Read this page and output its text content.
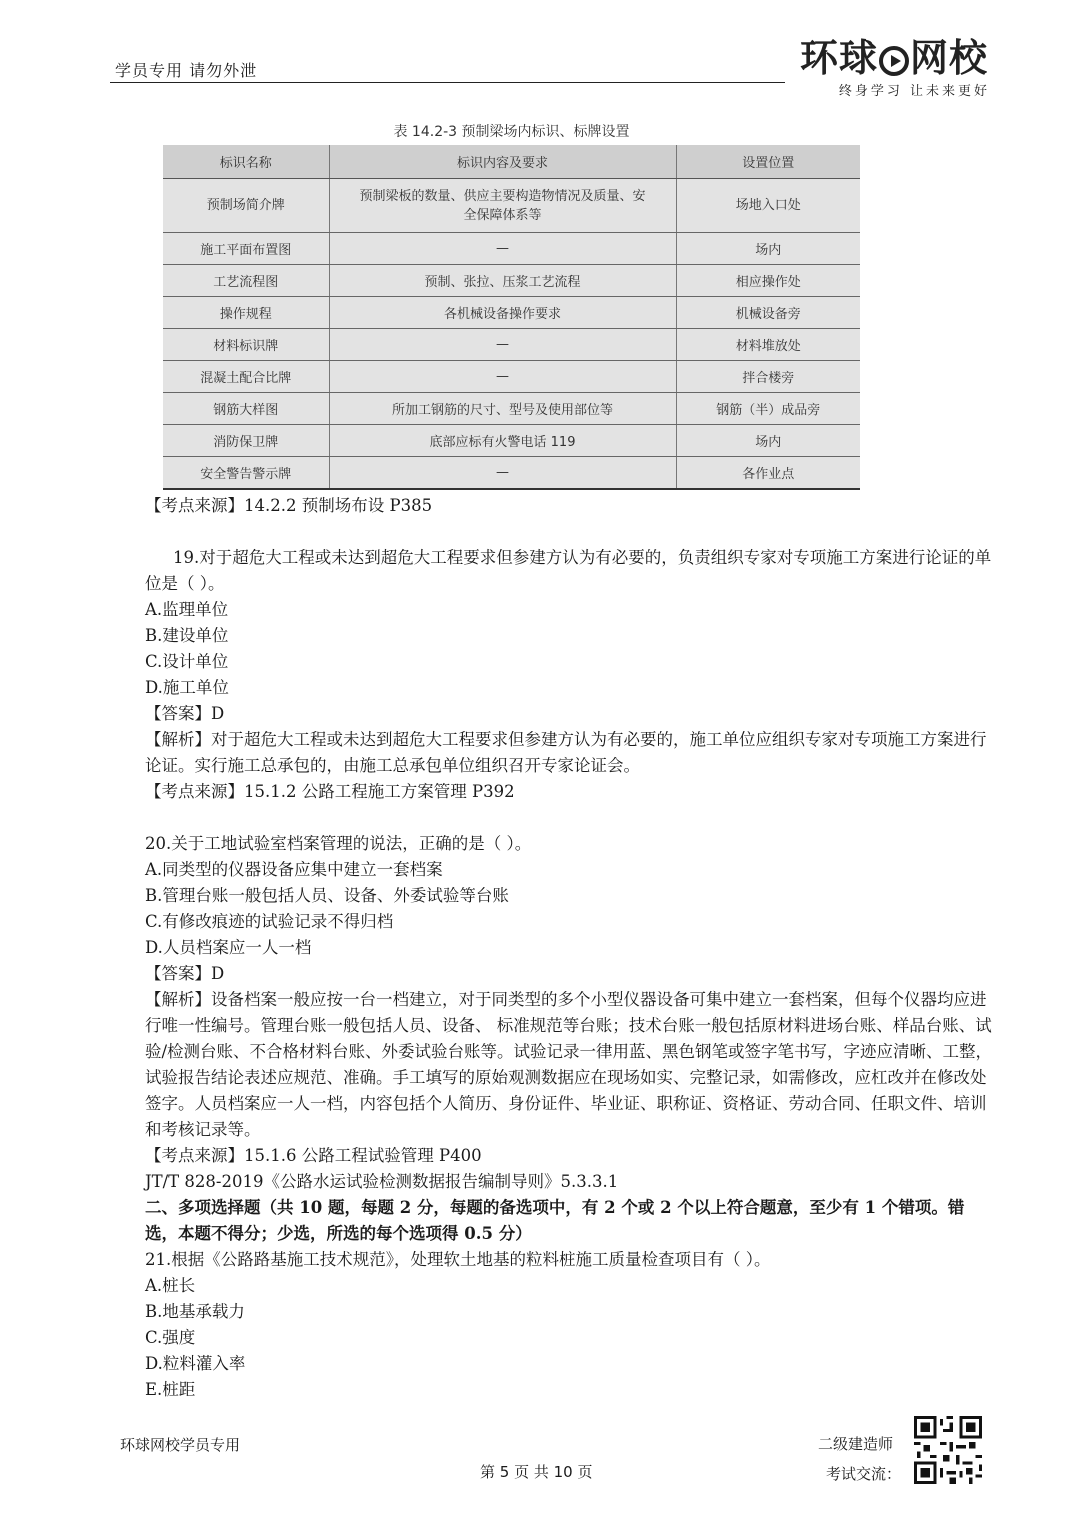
学员专用 请勿外泄	环球 网校
终身学习 让未来更好
表 14.2-3 预制梁场内标识、标牌设置
标识名称	标识内容及要求	设置位置
预制场简介牌	预制梁板的数量、供应主要构造物情况及质量、安全保障体系等	场地入口处
施工平面布置图	—	场内
工艺流程图	预制、张拉、压浆工艺流程	相应操作处
操作规程	各机械设备操作要求	机械设备旁
材料标识牌	—	材料堆放处
混凝土配合比牌	—	拌合楼旁
钢筋大样图	所加工钢筋的尺寸、型号及使用部位等	钢筋（半）成品旁
消防保卫牌	底部应标有火警电话 119	场内
安全警告警示牌	—	各作业点

【考点来源】14.2.2 预制场布设 P385

19.对于超危大工程或未达到超危大工程要求但参建方认为有必要的，负责组织专家对专项施工方案进行论证的单位是（ ）。

A.监理单位

B.建设单位

C.设计单位

D.施工单位

【答案】D

【解析】对于超危大工程或未达到超危大工程要求但参建方认为有必要的，施工单位应组织专家对专项施工方案进行论证。实行施工总承包的，由施工总承包单位组织召开专家论证会。

【考点来源】15.1.2 公路工程施工方案管理 P392

20.关于工地试验室档案管理的说法，正确的是（ ）。

A.同类型的仪器设备应集中建立一套档案

B.管理台账一般包括人员、设备、外委试验等台账

C.有修改痕迹的试验记录不得归档

D.人员档案应一人一档

【答案】D

【解析】设备档案一般应按一台一档建立，对于同类型的多个小型仪器设备可集中建立一套档案，但每个仪器均应进行唯一性编号。管理台账一般包括人员、设备、 标准规范等台账；技术台账一般包括原材料进场台账、样品台账、试验/检测台账、不合格材料台账、外委试验台账等。试验记录一律用蓝、黑色钢笔或签字笔书写，字迹应清晰、工整，试验报告结论表述应规范、准确。手工填写的原始观测数据应在现场如实、完整记录，如需修改，应杠改并在修改处签字。人员档案应一人一档，内容包括个人简历、身份证件、毕业证、职称证、资格证、劳动合同、任职文件、培训和考核记录等。

【考点来源】15.1.6 公路工程试验管理 P400

JT/T 828-2019《公路水运试验检测数据报告编制导则》5.3.3.1

二、多项选择题（共 10 题，每题 2 分，每题的备选项中，有 2 个或 2 个以上符合题意，至少有 1 个错项。错选，本题不得分；少选，所选的每个选项得 0.5 分）

21.根据《公路路基施工技术规范》，处理软土地基的粒料桩施工质量检查项目有（ ）。

A.桩长

B.地基承载力

C.强度

D.粒料灌入率

E.桩距

环球网校学员专用
第 5 页 共 10 页
二级建造师
考试交流：
